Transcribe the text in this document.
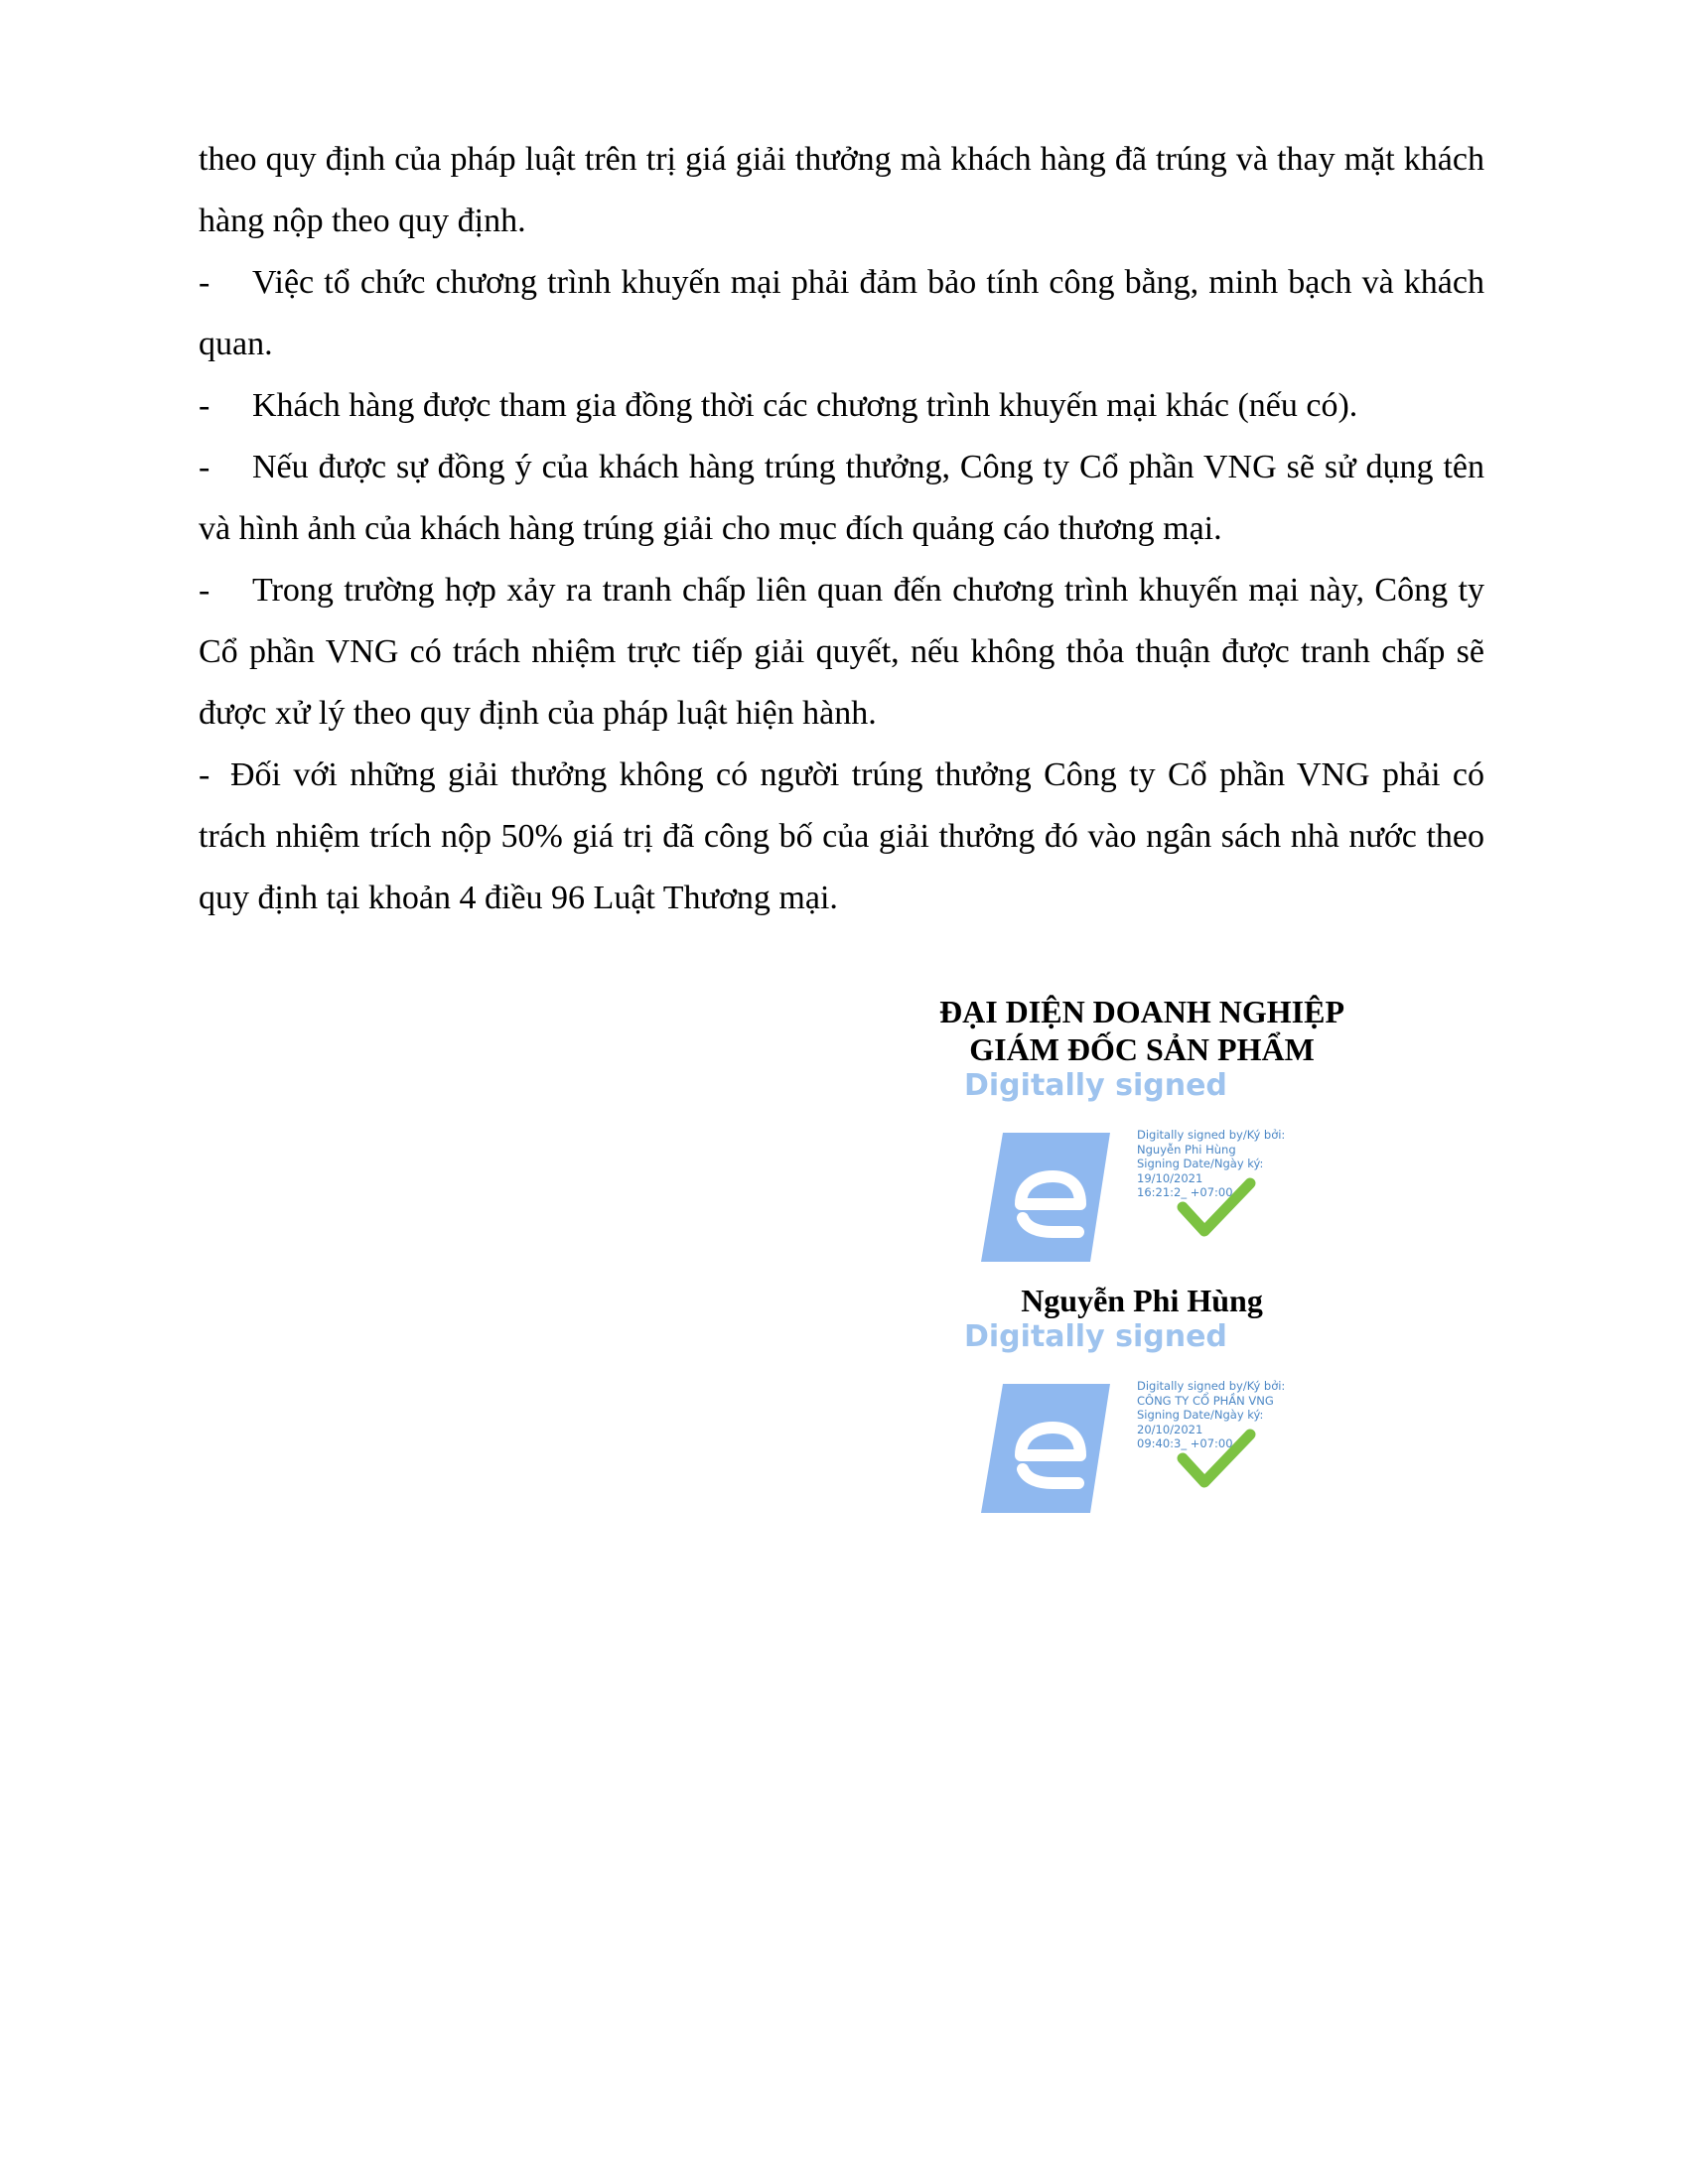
theo quy định của pháp luật trên trị giá giải thưởng mà khách hàng đã trúng và thay mặt khách hàng nộp theo quy định.

- Việc tổ chức chương trình khuyến mại phải đảm bảo tính công bằng, minh bạch và khách quan.

- Khách hàng được tham gia đồng thời các chương trình khuyến mại khác (nếu có).

- Nếu được sự đồng ý của khách hàng trúng thưởng, Công ty Cổ phần VNG sẽ sử dụng tên và hình ảnh của khách hàng trúng giải cho mục đích quảng cáo thương mại.

- Trong trường hợp xảy ra tranh chấp liên quan đến chương trình khuyến mại này, Công ty Cổ phần VNG có trách nhiệm trực tiếp giải quyết, nếu không thỏa thuận được tranh chấp sẽ được xử lý theo quy định của pháp luật hiện hành.

- Đối với những giải thưởng không có người trúng thưởng Công ty Cổ phần VNG phải có trách nhiệm trích nộp 50% giá trị đã công bố của giải thưởng đó vào ngân sách nhà nước theo quy định tại khoản 4 điều 96 Luật Thương mại.

ĐẠI DIỆN DOANH NGHIỆP

GIÁM ĐỐC SẢN PHẨM

Digitally signed
Digitally signed by/Ký bởi:
Nguyễn Phi Hùng
Signing Date/Ngày ký:
19/10/2021
16:21:2_ +07:00

Nguyễn Phi Hùng

Digitally signed
Digitally signed by/Ký bởi:
CÔNG TY CỔ PHẦN VNG
Signing Date/Ngày ký:
20/10/2021
09:40:3_ +07:00
